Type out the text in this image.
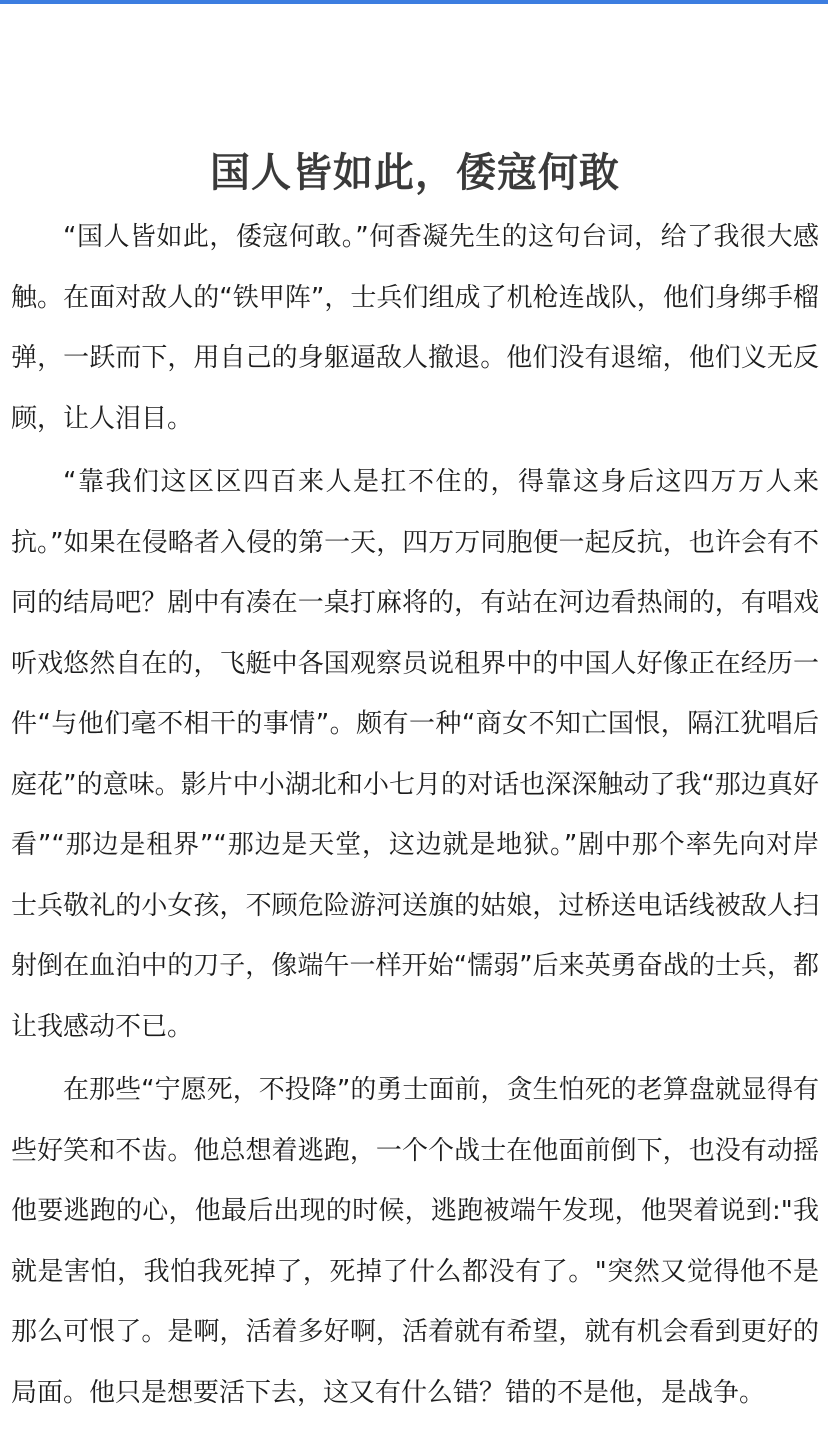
国人皆如此，倭寇何敢

“国人皆如此，倭寇何敢。”何香凝先生的这句台词，给了我很大感触。在面对敌人的“铁甲阵”，士兵们组成了机枪连战队，他们身绑手榴弹，一跃而下，用自己的身躯逼敌人撤退。他们没有退缩，他们义无反顾，让人泪目。

“靠我们这区区四百来人是扛不住的，得靠这身后这四万万人来抗。”如果在侵略者入侵的第一天，四万万同胞便一起反抗，也许会有不同的结局吧？剧中有凑在一桌打麻将的，有站在河边看热闹的，有唱戏听戏悠然自在的，飞艇中各国观察员说租界中的中国人好像正在经历一件“与他们毫不相干的事情”。颇有一种“商女不知亡国恨，隔江犹唱后庭花”的意味。影片中小湖北和小七月的对话也深深触动了我“那边真好看”“那边是租界”“那边是天堂，这边就是地狱。”剧中那个率先向对岸士兵敬礼的小女孩，不顾危险游河送旗的姑娘，过桥送电话线被敌人扫射倒在血泊中的刀子，像端午一样开始“懦弱”后来英勇奋战的士兵，都让我感动不已。

在那些“宁愿死，不投降”的勇士面前，贪生怕死的老算盘就显得有些好笑和不齿。他总想着逃跑，一个个战士在他面前倒下，也没有动摇他要逃跑的心，他最后出现的时候，逃跑被端午发现，他哭着说到:"我就是害怕，我怕我死掉了，死掉了什么都没有了。"突然又觉得他不是那么可恨了。是啊，活着多好啊，活着就有希望，就有机会看到更好的局面。他只是想要活下去，这又有什么错？错的不是他，是战争。
